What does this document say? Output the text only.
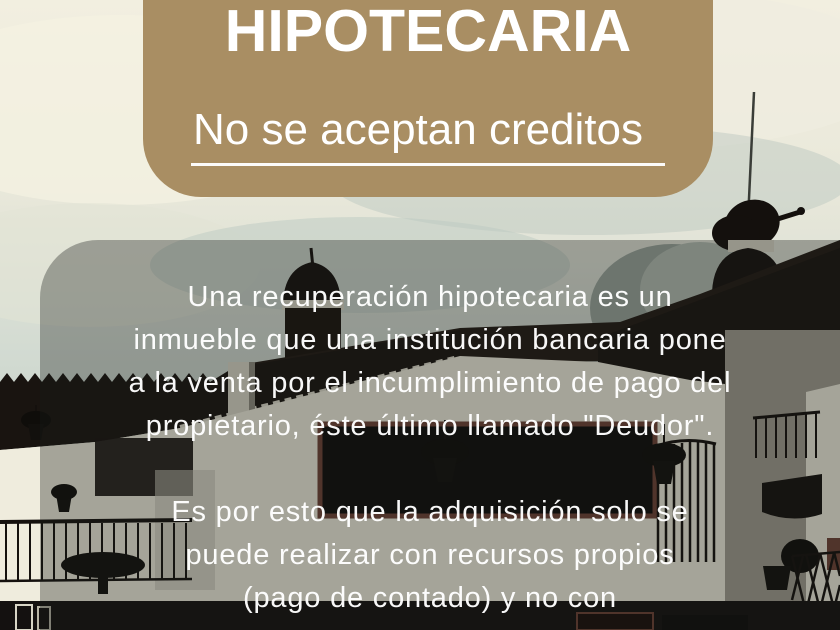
HIPOTECARIA
No se aceptan creditos

Una recuperación hipotecaria es un
inmueble que una institución bancaria pone
a la venta por el incumplimiento de pago del
propietario, éste último llamado "Deudor".

Es por esto que la adquisición solo se
puede realizar con recursos propios
(pago de contado) y no con
